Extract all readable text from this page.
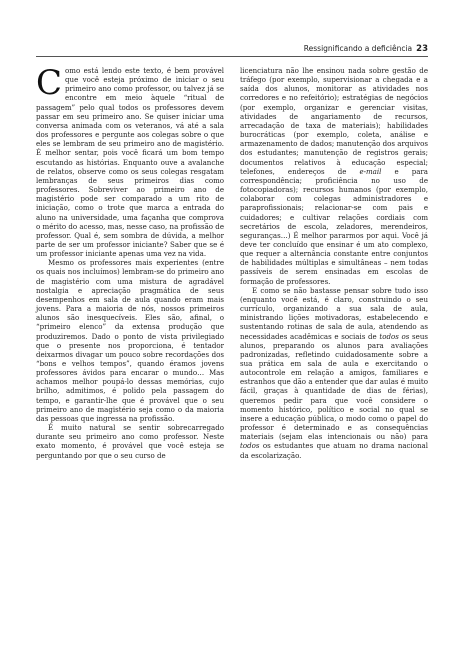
Ressignificando a deficiência 23

Como está lendo este texto, é bem provável que você esteja próximo de iniciar o seu primeiro ano como professor, ou talvez já se encontre em meio àquele “ritual de passagem” pelo qual todos os professores devem passar em seu primeiro ano. Se quiser iniciar uma conversa animada com os veteranos, vá até a sala dos professores e pergunte aos colegas sobre o que eles se lembram de seu primeiro ano de magistério. É melhor sentar, pois você ficará um bom tempo escutando as histórias. Enquanto ouve a avalanche de relatos, observe como os seus colegas resgatam lembranças de seus primeiros dias como professores. Sobreviver ao primeiro ano de magistério pode ser comparado a um rito de iniciação, como o trote que marca a entrada do aluno na universidade, uma façanha que comprova o mérito do acesso, mas, nesse caso, na profissão de professor. Qual é, sem sombra de dúvida, a melhor parte de ser um professor iniciante? Saber que se é um professor iniciante apenas uma vez na vida.

Mesmo os professores mais experientes (entre os quais nos incluímos) lembram-se do primeiro ano de magistério com uma mistura de agradável nostalgia e apreciação pragmática de seus desempenhos em sala de aula quando eram mais jovens. Para a maioria de nós, nossos primeiros alunos são inesquecíveis. Eles são, afinal, o “primeiro elenco” da extensa produção que produziremos. Dado o ponto de vista privilegiado que o presente nos proporciona, é tentador deixarmos divagar um pouco sobre recordações dos “bons e velhos tempos”, quando éramos jovens professores ávidos para encarar o mundo… Mas achamos melhor poupá-lo dessas memórias, cujo brilho, admitimos, é polido pela passagem do tempo, e garantir-lhe que é provável que o seu primeiro ano de magistério seja como o da maioria das pessoas que ingressa na profissão.

É muito natural se sentir sobrecarregado durante seu primeiro ano como professor. Neste exato momento, é provável que você esteja se perguntando por que o seu curso de

licenciatura não lhe ensinou nada sobre gestão de tráfego (por exemplo, supervisionar a chegada e a saída dos alunos, monitorar as atividades nos corredores e no refeitório); estratégias de negócios (por exemplo, organizar e gerenciar visitas, atividades de angariamento de recursos, arrecadação de taxa de materiais); habilidades burocráticas (por exemplo, coleta, análise e armazenamento de dados; manutenção dos arquivos dos estudantes; manutenção de registros gerais; documentos relativos à educação especial; telefones, endereços de e-mail e para correspondência; proficiência no uso de fotocopiadoras); recursos humanos (por exemplo, colaborar com colegas administradores e paraprofissionais; relacionar-se com pais e cuidadores; e cultivar relações cordiais com secretários de escola, zeladores, merendeiros, seguranças…) É melhor pararmos por aqui. Você já deve ter concluído que ensinar é um ato complexo, que requer a alternância constante entre conjuntos de habilidades múltiplas e simultâneas – nem todas passíveis de serem ensinadas em escolas de formação de professores.

E como se não bastasse pensar sobre tudo isso (enquanto você está, é claro, construindo o seu currículo, organizando a sua sala de aula, ministrando lições motivadoras, estabelecendo e sustentando rotinas de sala de aula, atendendo as necessidades acadêmicas e sociais de todos os seus alunos, preparando os alunos para avaliações padronizadas, refletindo cuidadosamente sobre a sua prática em sala de aula e exercitando o autocontrole em relação a amigos, familiares e estranhos que dão a entender que dar aulas é muito fácil, graças à quantidade de dias de férias), queremos pedir para que você considere o momento histórico, político e social no qual se insere a educação pública, o modo como o papel do professor é determinado e as consequências materiais (sejam elas intencionais ou não) para todos os estudantes que atuam no drama nacional da escolarização.
